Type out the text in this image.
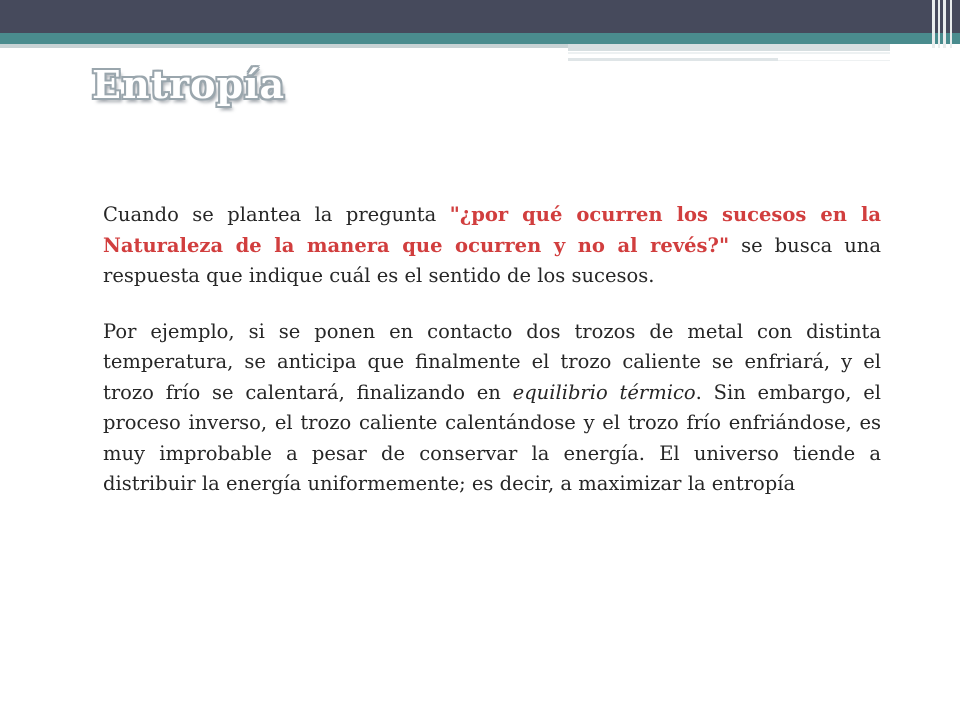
Entropía

Cuando se plantea la pregunta "¿por qué ocurren los sucesos en la Naturaleza de la manera que ocurren y no al revés?" se busca una respuesta que indique cuál es el sentido de los sucesos.

Por ejemplo, si se ponen en contacto dos trozos de metal con distinta temperatura, se anticipa que finalmente el trozo caliente se enfriará, y el trozo frío se calentará, finalizando en equilibrio térmico. Sin embargo, el proceso inverso, el trozo caliente calentándose y el trozo frío enfriándose, es muy improbable a pesar de conservar la energía. El universo tiende a distribuir la energía uniformemente; es decir, a maximizar la entropía
